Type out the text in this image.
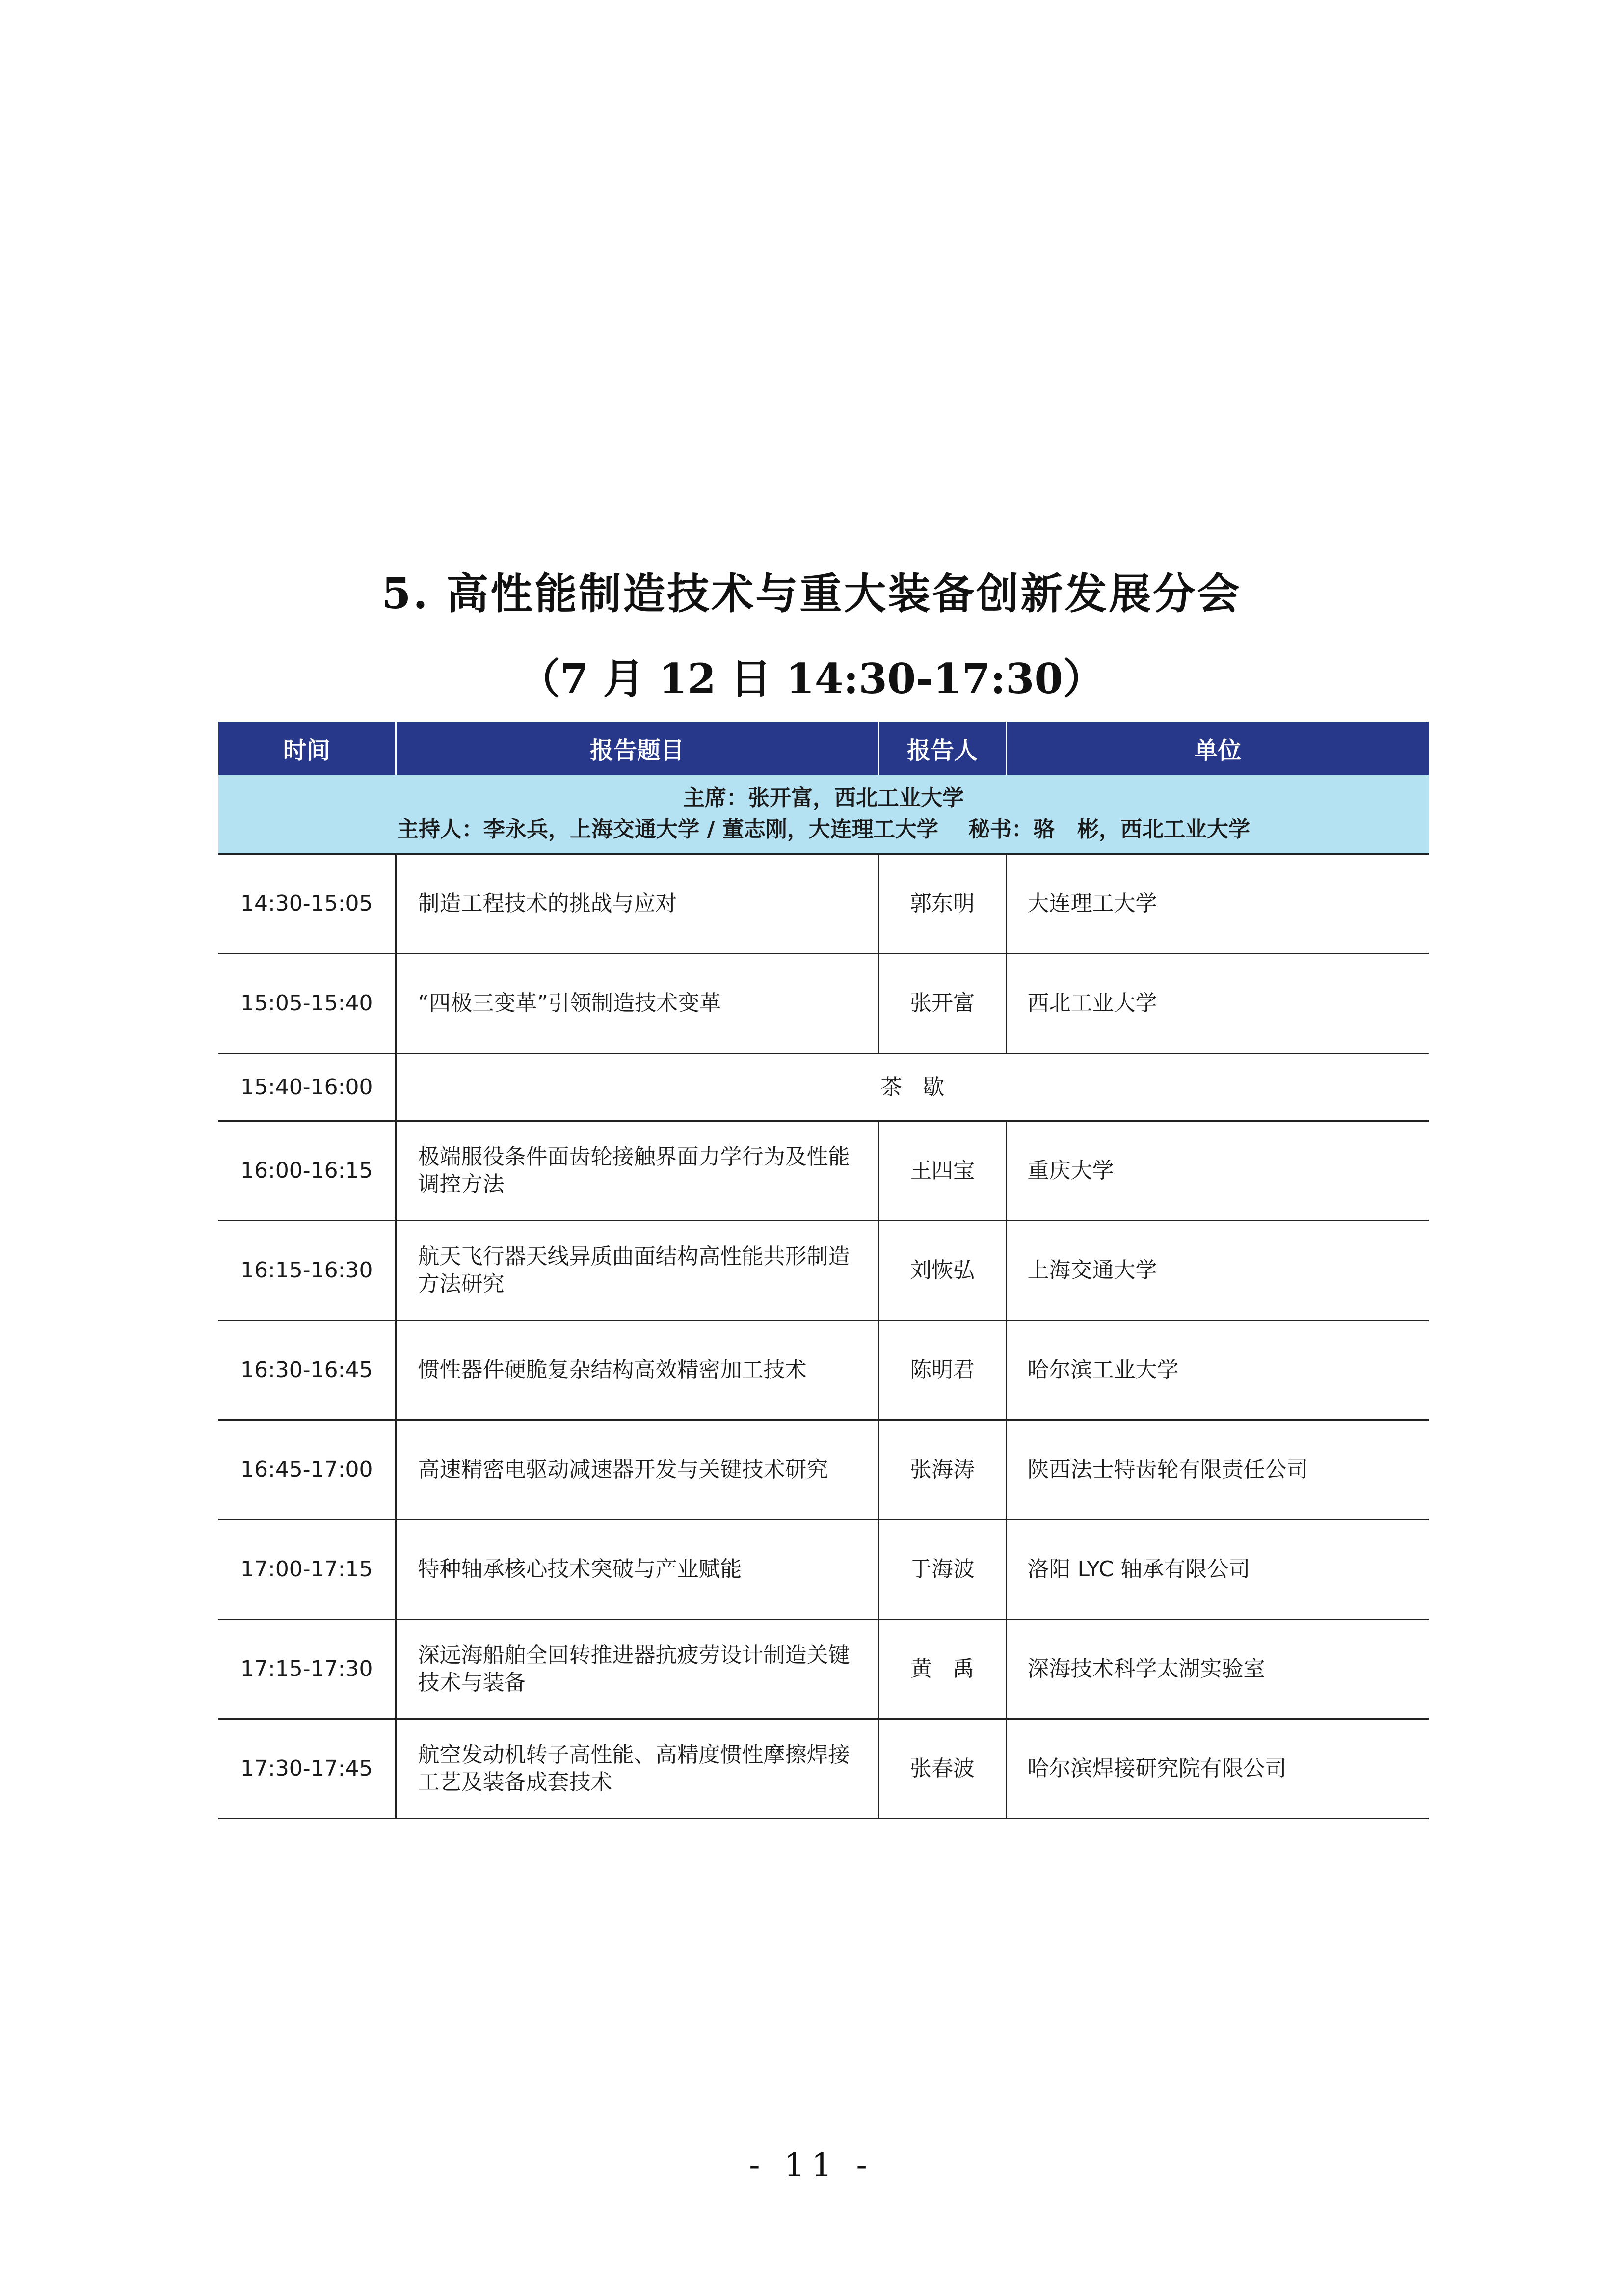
5. 高性能制造技术与重大装备创新发展分会
（7 月 12 日 14:30-17:30）
时间	报告题目	报告人	单位

主席：张开富，西北工业大学
主持人：李永兵，上海交通大学 / 董志刚，大连理工大学    秘书：骆   彬，西北工业大学			

14:30-15:05	制造工程技术的挑战与应对	郭东明	大连理工大学
15:05-15:40	“四极三变革”引领制造技术变革	张开富	西北工业大学
15:40-16:00	茶   歇		
16:00-16:15	极端服役条件面齿轮接触界面力学行为及性能调控方法	王四宝	重庆大学
16:15-16:30	航天飞行器天线异质曲面结构高性能共形制造方法研究	刘恢弘	上海交通大学
16:30-16:45	惯性器件硬脆复杂结构高效精密加工技术	陈明君	哈尔滨工业大学
16:45-17:00	高速精密电驱动减速器开发与关键技术研究	张海涛	陕西法士特齿轮有限责任公司
17:00-17:15	特种轴承核心技术突破与产业赋能	于海波	洛阳 LYC 轴承有限公司
17:15-17:30	深远海船舶全回转推进器抗疲劳设计制造关键技术与装备	黄   禹	深海技术科学太湖实验室
17:30-17:45	航空发动机转子高性能、高精度惯性摩擦焊接工艺及装备成套技术	张春波	哈尔滨焊接研究院有限公司
- 11 -
